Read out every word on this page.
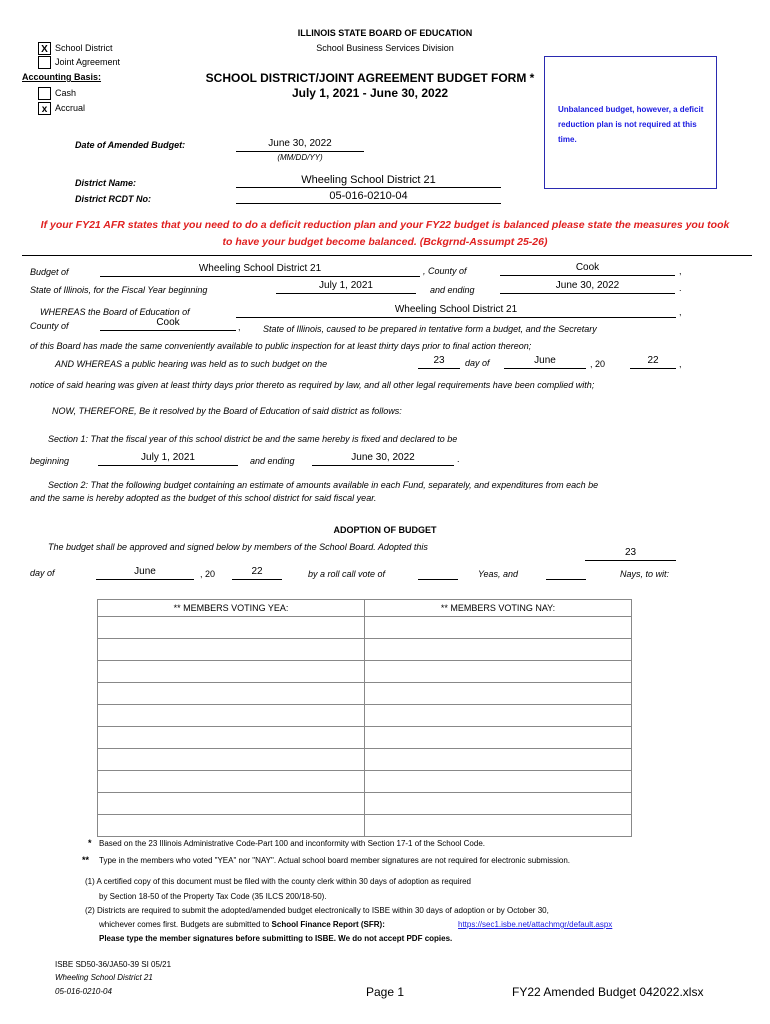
ILLINOIS STATE BOARD OF EDUCATION
School Business Services Division
SCHOOL DISTRICT/JOINT AGREEMENT BUDGET FORM *
July 1, 2021 - June 30, 2022
X School District
Joint Agreement
Accounting Basis:
Cash
x Accrual	Unbalanced budget, however, a deficit reduction plan is not required at this time.
Date of Amended Budget:	June 30, 2022
(MM/DD/YY)
District Name:	Wheeling School District 21
District RCDT No:	05-016-0210-04
If your FY21 AFR states that you need to do a deficit reduction plan and your FY22 budget is balanced please state the measures you took
to have your budget become balanced. (Bckgrnd-Assumpt 25-26)
Budget of	Wheeling School District 21	, County of	Cook	,
State of Illinois, for the Fiscal Year beginning	July 1, 2021	and ending	June 30, 2022	.
WHEREAS the Board of Education of	Wheeling School District 21	,
County of	Cook	, State of Illinois, caused to be prepared in tentative form a budget, and the Secretary
of this Board has made the same conveniently available to public inspection for at least thirty days prior to final action thereon;
AND WHEREAS a public hearing was held as to such budget on the	23	day of	June	, 20	22	,
notice of said hearing was given at least thirty days prior thereto as required by law, and all other legal requirements have been complied with;
NOW, THEREFORE, Be it resolved by the Board of Education of said district as follows:
Section 1: That the fiscal year of this school district be and the same hereby is fixed and declared to be
beginning	July 1, 2021	and ending	June 30, 2022	.
Section 2: That the following budget containing an estimate of amounts available in each Fund, separately, and expenditures from each be
and the same is hereby adopted as the budget of this school district for said fiscal year.
ADOPTION OF BUDGET
The budget shall be approved and signed below by members of the School Board. Adopted this	23
day of	June	, 20	22	by a roll call vote of	Yeas, and	Nays, to wit:
** MEMBERS VOTING YEA:	** MEMBERS VOTING NAY:

* Based on the 23 Illinois Administrative Code-Part 100 and inconformity with Section 17-1 of the School Code.
** Type in the members who voted "YEA" nor "NAY". Actual school board member signatures are not required for electronic submission.
(1) A certified copy of this document must be filed with the county clerk within 30 days of adoption as required
by Section 18-50 of the Property Tax Code (35 ILCS 200/18-50).
(2) Districts are required to submit the adopted/amended budget electronically to ISBE within 30 days of adoption or by October 30,
whichever comes first. Budgets are submitted to School Finance Report (SFR):	https://sec1.isbe.net/attachmgr/default.aspx
Please type the member signatures before submitting to ISBE. We do not accept PDF copies.
ISBE SD50-36/JA50-39 SI 05/21
Wheeling School District 21
05-016-0210-04	Page 1	FY22 Amended Budget 042022.xlsx
